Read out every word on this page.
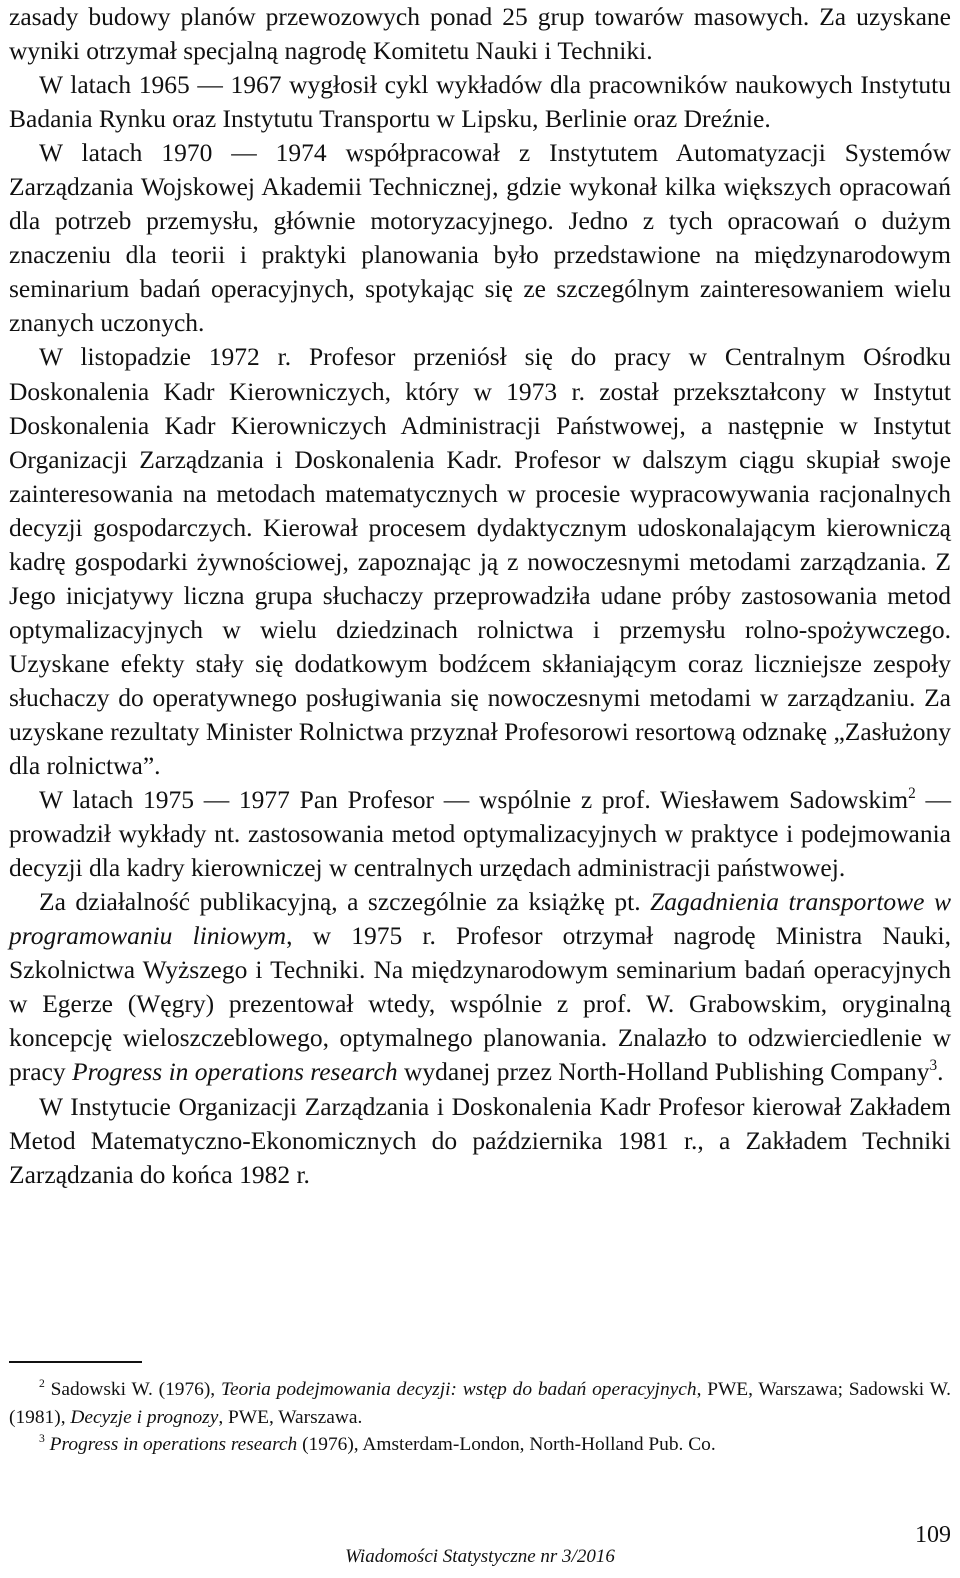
zasady budowy planów przewozowych ponad 25 grup towarów masowych. Za uzyskane wyniki otrzymał specjalną nagrodę Komitetu Nauki i Techniki.

W latach 1965 — 1967 wygłosił cykl wykładów dla pracowników naukowych Instytutu Badania Rynku oraz Instytutu Transportu w Lipsku, Berlinie oraz Dreźnie.

W latach 1970 — 1974 współpracował z Instytutem Automatyzacji Systemów Zarządzania Wojskowej Akademii Technicznej, gdzie wykonał kilka większych opracowań dla potrzeb przemysłu, głównie motoryzacyjnego. Jedno z tych opracowań o dużym znaczeniu dla teorii i praktyki planowania było przedstawione na międzynarodowym seminarium badań operacyjnych, spotykając się ze szczególnym zainteresowaniem wielu znanych uczonych.

W listopadzie 1972 r. Profesor przeniósł się do pracy w Centralnym Ośrodku Doskonalenia Kadr Kierowniczych, który w 1973 r. został przekształcony w Instytut Doskonalenia Kadr Kierowniczych Administracji Państwowej, a następnie w Instytut Organizacji Zarządzania i Doskonalenia Kadr. Profesor w dalszym ciągu skupiał swoje zainteresowania na metodach matematycznych w procesie wypracowywania racjonalnych decyzji gospodarczych. Kierował procesem dydaktycznym udoskonalającym kierowniczą kadrę gospodarki żywnościowej, zapoznając ją z nowoczesnymi metodami zarządzania. Z Jego inicjatywy liczna grupa słuchaczy przeprowadziła udane próby zastosowania metod optymalizacyjnych w wielu dziedzinach rolnictwa i przemysłu rolno-spożywczego. Uzyskane efekty stały się dodatkowym bodźcem skłaniającym coraz liczniejsze zespoły słuchaczy do operatywnego posługiwania się nowoczesnymi metodami w zarządzaniu. Za uzyskane rezultaty Minister Rolnictwa przyznał Profesorowi resortową odznakę „Zasłużony dla rolnictwa”.

W latach 1975 — 1977 Pan Profesor — wspólnie z prof. Wiesławem Sadowskim$^2$ — prowadził wykłady nt. zastosowania metod optymalizacyjnych w praktyce i podejmowania decyzji dla kadry kierowniczej w centralnych urzędach administracji państwowej.

Za działalność publikacyjną, a szczególnie za książkę pt. Zagadnienia transportowe w programowaniu liniowym, w 1975 r. Profesor otrzymał nagrodę Ministra Nauki, Szkolnictwa Wyższego i Techniki. Na międzynarodowym seminarium badań operacyjnych w Egerze (Węgry) prezentował wtedy, wspólnie z prof. W. Grabowskim, oryginalną koncepcję wieloszczeblowego, optymalnego planowania. Znalazło to odzwierciedlenie w pracy Progress in operations research wydanej przez North-Holland Publishing Company$^3$.

W Instytucie Organizacji Zarządzania i Doskonalenia Kadr Profesor kierował Zakładem Metod Matematyczno-Ekonomicznych do października 1981 r., a Zakładem Techniki Zarządzania do końca 1982 r.

$^2$ Sadowski W. (1976), Teoria podejmowania decyzji: wstęp do badań operacyjnych, PWE, Warszawa; Sadowski W. (1981), Decyzje i prognozy, PWE, Warszawa.

$^3$ Progress in operations research (1976), Amsterdam-London, North-Holland Pub. Co.

109
Wiadomości Statystyczne nr 3/2016
